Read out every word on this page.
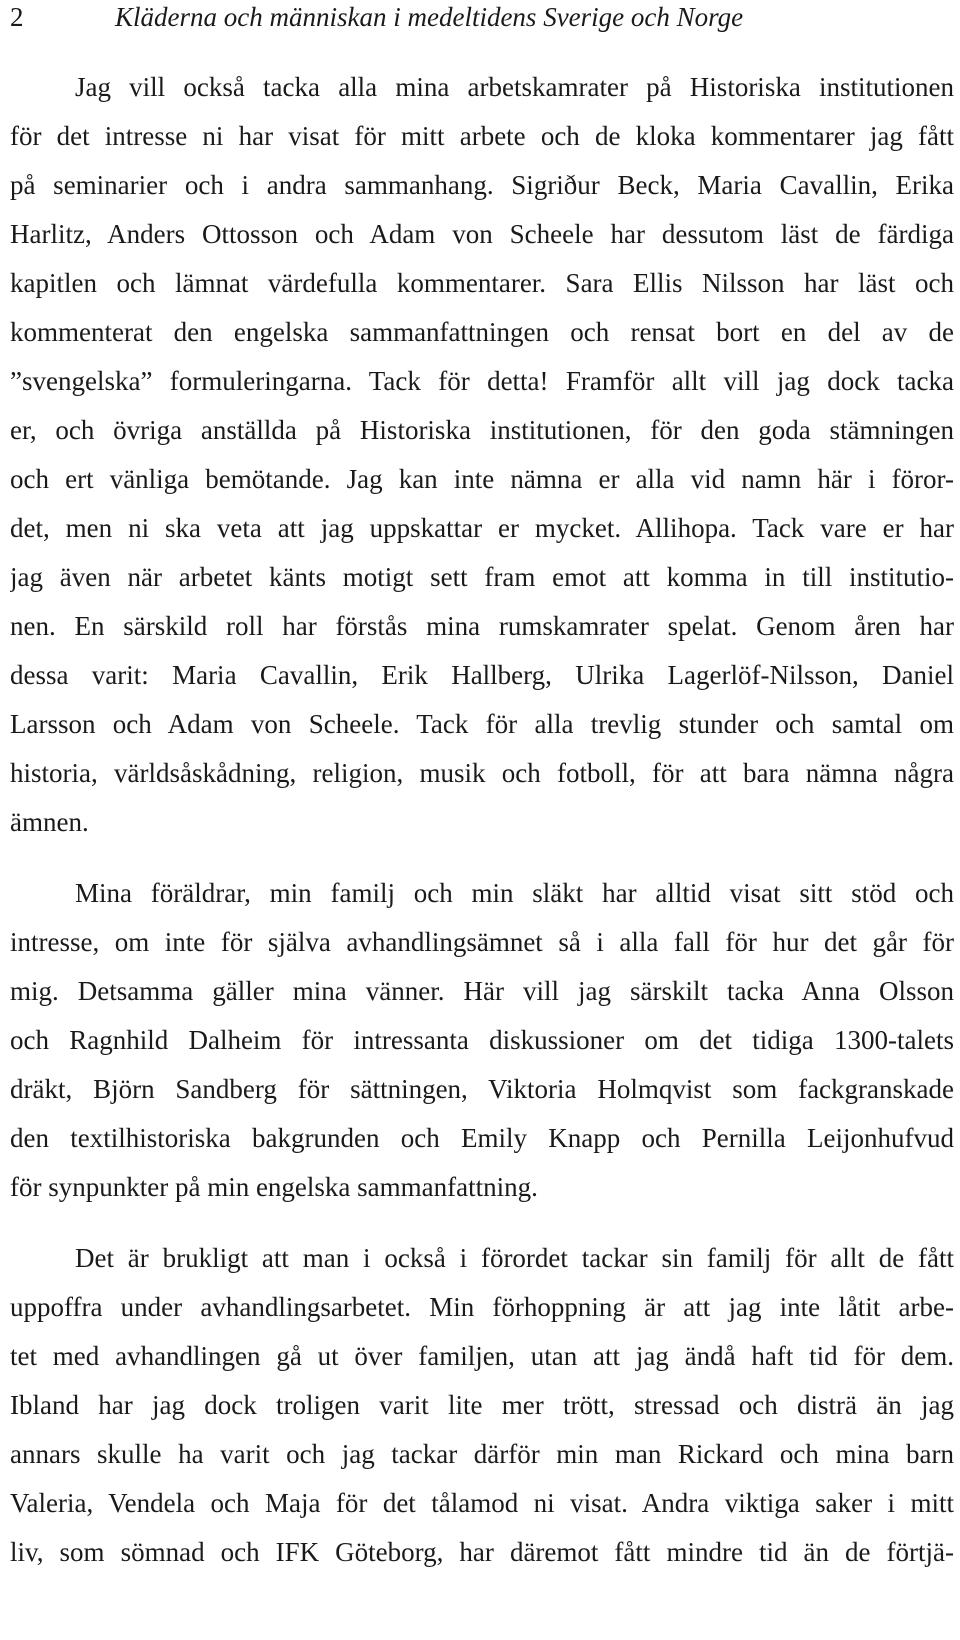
2	Kläderna och människan i medeltidens Sverige och Norge
Jag vill också tacka alla mina arbetskamrater på Historiska institutionen
för det intresse ni har visat för mitt arbete och de kloka kommentarer jag fått
på seminarier och i andra sammanhang. Sigriður Beck, Maria Cavallin, Erika
Harlitz, Anders Ottosson och Adam von Scheele har dessutom läst de färdiga
kapitlen och lämnat värdefulla kommentarer. Sara Ellis Nilsson har läst och
kommenterat den engelska sammanfattningen och rensat bort en del av de
”svengelska” formuleringarna. Tack för detta! Framför allt vill jag dock tacka
er, och övriga anställda på Historiska institutionen, för den goda stämningen
och ert vänliga bemötande. Jag kan inte nämna er alla vid namn här i föror-
det, men ni ska veta att jag uppskattar er mycket. Allihopa. Tack vare er har
jag även när arbetet känts motigt sett fram emot att komma in till institutio-
nen. En särskild roll har förstås mina rumskamrater spelat. Genom åren har
dessa varit: Maria Cavallin, Erik Hallberg, Ulrika Lagerlöf-Nilsson, Daniel
Larsson och Adam von Scheele. Tack för alla trevlig stunder och samtal om
historia, världsåskådning, religion, musik och fotboll, för att bara nämna några
ämnen.
Mina föräldrar, min familj och min släkt har alltid visat sitt stöd och
intresse, om inte för själva avhandlingsämnet så i alla fall för hur det går för
mig. Detsamma gäller mina vänner. Här vill jag särskilt tacka Anna Olsson
och Ragnhild Dalheim för intressanta diskussioner om det tidiga 1300-talets
dräkt, Björn Sandberg för sättningen, Viktoria Holmqvist som fackgranskade
den textilhistoriska bakgrunden och Emily Knapp och Pernilla Leijonhufvud
för synpunkter på min engelska sammanfattning.
Det är brukligt att man i också i förordet tackar sin familj för allt de fått
uppoffra under avhandlingsarbetet. Min förhoppning är att jag inte låtit arbe-
tet med avhandlingen gå ut över familjen, utan att jag ändå haft tid för dem.
Ibland har jag dock troligen varit lite mer trött, stressad och disträ än jag
annars skulle ha varit och jag tackar därför min man Rickard och mina barn
Valeria, Vendela och Maja för det tålamod ni visat. Andra viktiga saker i mitt
liv, som sömnad och IFK Göteborg, har däremot fått mindre tid än de förtjä-
